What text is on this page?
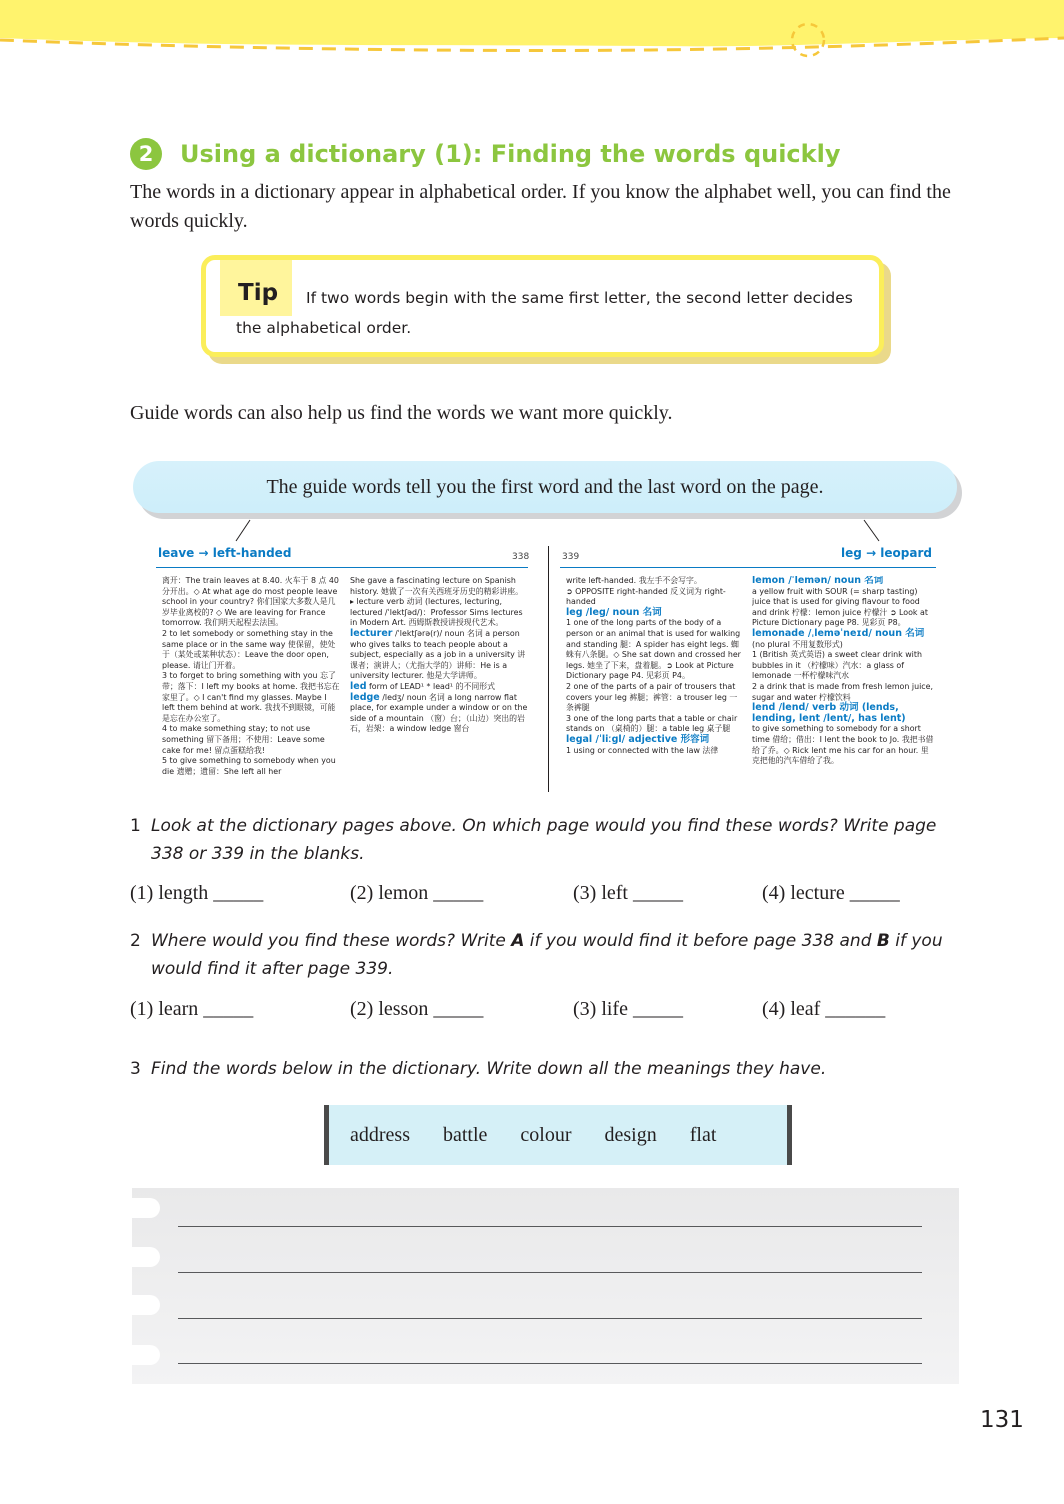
2	Using a dictionary (1): Finding the words quickly

The words in a dictionary appear in alphabetical order. If you know the alphabet well, you can find the words quickly.

Tip	If two words begin with the same first letter, the second letter decides the alphabetical order.

Guide words can also help us find the words we want more quickly.

The guide words tell you the first word and the last word on the page.
leave → left-handed	338	339	leg → leopard

离开：The train leaves at 8.40. 火车于 8 点 40 分开出。◇ At what age do most people leave school in your country? 你们国家大多数人是几岁毕业离校的? ◇ We are leaving for France tomorrow. 我们明天起程去法国。

2 to let somebody or something stay in the same place or in the same way 使保留，使处于（某处或某种状态）：Leave the door open, please. 请让门开着。

3 to forget to bring something with you 忘了带；落下：I left my books at home. 我把书忘在家里了。◇ I can't find my glasses. Maybe I left them behind at work. 我找不到眼镜，可能是忘在办公室了。

4 to make something stay; to not use something 留下备用；不使用：Leave some cake for me! 留点蛋糕给我!

5 to give something to somebody when you die 遗赠；遗留：She left all her

She gave a fascinating lecture on Spanish history. 她做了一次有关西班牙历史的精彩讲座。

▸ lecture verb 动词 (lectures, lecturing, lectured /ˈlektʃəd/)：Professor Sims lectures in Modern Art. 西姆斯教授讲授现代艺术。

lecturer /ˈlektʃərə(r)/ noun 名词 a person who gives talks to teach people about a subject, especially as a job in a university 讲课者；演讲人；（尤指大学的）讲师：He is a university lecturer. 他是大学讲师。

led form of LEAD¹ * lead¹ 的不同形式

ledge /ledʒ/ noun 名词 a long narrow flat place, for example under a window or on the side of a mountain （窗）台；（山边）突出的岩石，岩架：a window ledge 窗台

write left-handed. 我左手不会写字。

➲ OPPOSITE right-handed 反义词为 right-handed

leg /leg/ noun 名词

1 one of the long parts of the body of a person or an animal that is used for walking and standing 腿：A spider has eight legs. 蜘蛛有八条腿。◇ She sat down and crossed her legs. 她坐了下来，盘着腿。➲ Look at Picture Dictionary page P4. 见彩页 P4。

2 one of the parts of a pair of trousers that covers your leg 裤腿；裤管：a trouser leg 一条裤腿

3 one of the long parts that a table or chair stands on （桌椅的）腿：a table leg 桌子腿

legal /ˈliːgl/ adjective 形容词

1 using or connected with the law 法律

lemon /ˈlemən/ noun 名词

a yellow fruit with SOUR (= sharp tasting) juice that is used for giving flavour to food and drink 柠檬：lemon juice 柠檬汁 ➲ Look at Picture Dictionary page P8. 见彩页 P8。

lemonade /ˌleməˈneɪd/ noun 名词

(no plural 不用复数形式)

1 (British 英式英语) a sweet clear drink with bubbles in it （柠檬味）汽水：a glass of lemonade 一杯柠檬味汽水

2 a drink that is made from fresh lemon juice, sugar and water 柠檬饮料

lend /lend/ verb 动词 (lends, lending, lent /lent/, has lent)

to give something to somebody for a short time 借给；借出：I lent the book to Jo. 我把书借给了乔。◇ Rick lent me his car for an hour. 里克把他的汽车借给了我。

1 Look at the dictionary pages above. On which page would you find these words? Write page 338 or 339 in the blanks.
(1) length _____	(2) lemon _____	(3) left _____	(4) lecture _____
2 Where would you find these words? Write A if you would find it before page 338 and B if you would find it after page 339.
(1) learn _____	(2) lesson _____	(3) life _____	(4) leaf ______
3 Find the words below in the dictionary. Write down all the meanings they have.
address battle colour design flat
131
